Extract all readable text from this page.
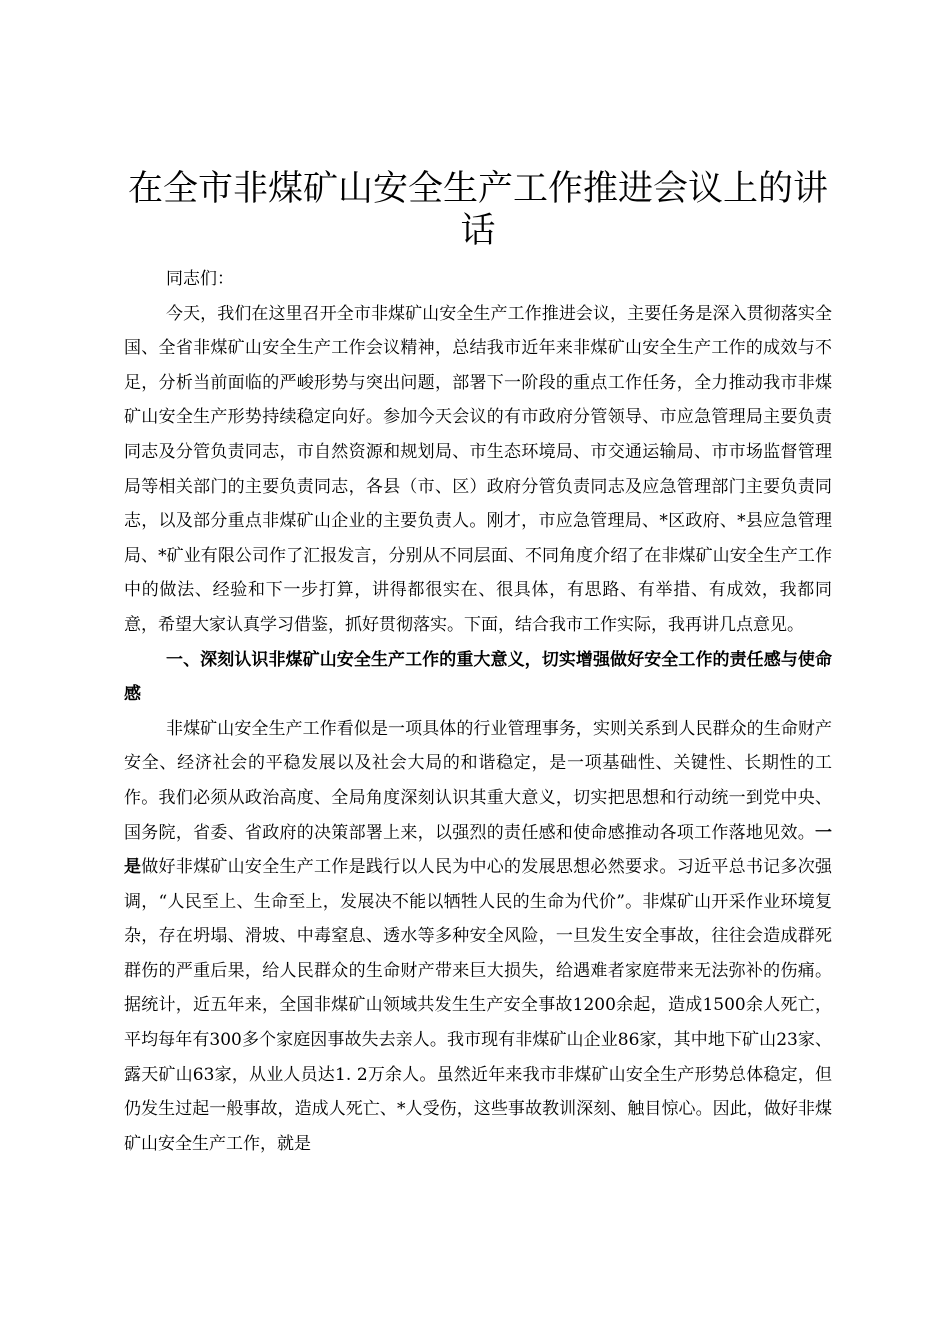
在全市非煤矿山安全生产工作推进会议上的讲话

同志们：

今天，我们在这里召开全市非煤矿山安全生产工作推进会议，主要任务是深入贯彻落实全国、全省非煤矿山安全生产工作会议精神，总结我市近年来非煤矿山安全生产工作的成效与不足，分析当前面临的严峻形势与突出问题，部署下一阶段的重点工作任务，全力推动我市非煤矿山安全生产形势持续稳定向好。参加今天会议的有市政府分管领导、市应急管理局主要负责同志及分管负责同志，市自然资源和规划局、市生态环境局、市交通运输局、市市场监督管理局等相关部门的主要负责同志，各县（市、区）政府分管负责同志及应急管理部门主要负责同志，以及部分重点非煤矿山企业的主要负责人。刚才，市应急管理局、*区政府、*县应急管理局、*矿业有限公司作了汇报发言，分别从不同层面、不同角度介绍了在非煤矿山安全生产工作中的做法、经验和下一步打算，讲得都很实在、很具体，有思路、有举措、有成效，我都同意，希望大家认真学习借鉴，抓好贯彻落实。下面，结合我市工作实际，我再讲几点意见。

一、深刻认识非煤矿山安全生产工作的重大意义，切实增强做好安全工作的责任感与使命感

非煤矿山安全生产工作看似是一项具体的行业管理事务，实则关系到人民群众的生命财产安全、经济社会的平稳发展以及社会大局的和谐稳定，是一项基础性、关键性、长期性的工作。我们必须从政治高度、全局角度深刻认识其重大意义，切实把思想和行动统一到党中央、国务院，省委、省政府的决策部署上来，以强烈的责任感和使命感推动各项工作落地见效。一是做好非煤矿山安全生产工作是践行以人民为中心的发展思想必然要求。习近平总书记多次强调，“人民至上、生命至上，发展决不能以牺牲人民的生命为代价”。非煤矿山开采作业环境复杂，存在坍塌、滑坡、中毒窒息、透水等多种安全风险，一旦发生安全事故，往往会造成群死群伤的严重后果，给人民群众的生命财产带来巨大损失，给遇难者家庭带来无法弥补的伤痛。据统计，近五年来，全国非煤矿山领域共发生生产安全事故1200余起，造成1500余人死亡，平均每年有300多个家庭因事故失去亲人。我市现有非煤矿山企业86家，其中地下矿山23家、露天矿山63家，从业人员达1. 2万余人。虽然近年来我市非煤矿山安全生产形势总体稳定，但仍发生过起一般事故，造成人死亡、*人受伤，这些事故教训深刻、触目惊心。因此，做好非煤矿山安全生产工作，就是
